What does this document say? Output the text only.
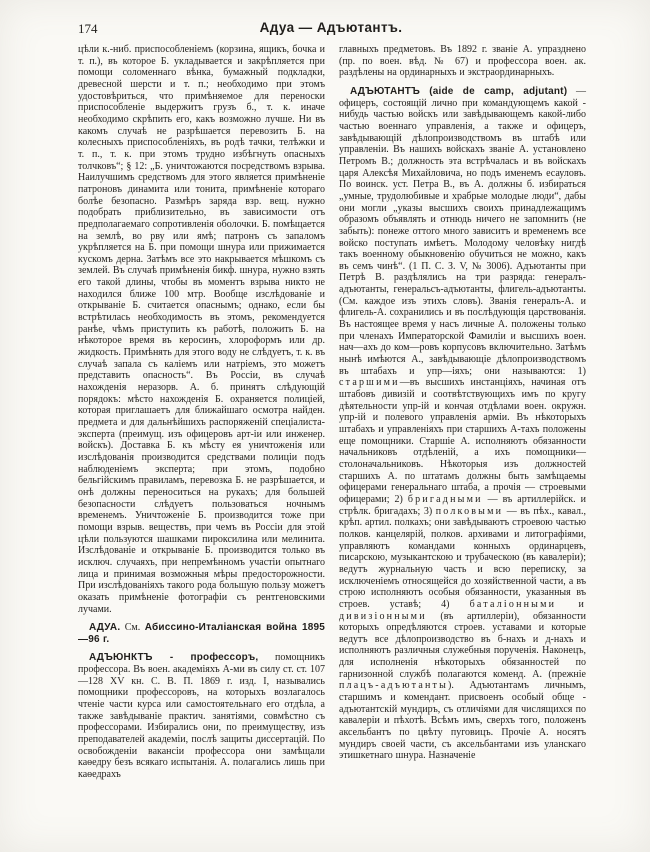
174	Адуа — Адъютантъ.

цѣли к.-ниб. приспособленіемъ (корзина, ящикъ, бочка и т. п.), въ которое Б. укладывается и закрѣпляется при помощи соломеннаго вѣнка, бумажный подкладки, древесной шерсти и т. п.; необходимо при этомъ удостовѣриться, что примѣняемое для переноски приспособленіе выдержитъ грузъ б., т. к. иначе необходимо скрѣпить его, какъ возможно лучше. Ни въ какомъ случаѣ не разрѣшается перевозить Б. на колесныхъ приспособленіяхъ, въ родѣ тачки, телѣжки и т. п., т. к. при этомъ трудно избѣгнуть опасныхъ толчковъ“; § 12: „Б. уничтожаются посредствомъ взрыва. Наилучшимъ средствомъ для этого является примѣненіе патроновъ динамита или тонита, примѣненіе котораго болѣе безопасно. Размѣръ заряда взр. вещ. нужно подобрать приблизительно, въ зависимости отъ предполагаемаго сопротивленія оболочки. Б. помѣщается на землѣ, во рву или ямѣ; патронъ съ запаломъ укрѣпляется на Б. при помощи шнура или прижимается кускомъ дерна. Затѣмъ все это накрывается мѣшкомъ съ землей. Въ случаѣ примѣненія бикф. шнура, нужно взять его такой длины, чтобы въ моментъ взрыва никто не находился ближе 100 мтр. Вообще изслѣдованіе и открываніе Б. считается опаснымъ; однако, если бы встрѣтилась необходимость въ этомъ, рекомендуется ранѣе, чѣмъ приступить къ работѣ, положить Б. на нѣкоторое время въ керосинъ, хлороформъ или др. жидкость. Примѣнять для этого воду не слѣдуетъ, т. к. въ случаѣ запала съ каліемъ или натріемъ, это можетъ представить опасность“. Въ Россіи, въ случаѣ нахожденія неразорв. А. б. принятъ слѣдующій порядокъ: мѣсто нахожденія Б. охраняется полиціей, которая приглашаетъ для ближайшаго осмотра найден. предмета и для дальнѣйшихъ распоряженій спеціалиста-эксперта (преимущ. изъ офицеровъ арт-іи или инженер. войскъ). Доставка Б. къ мѣсту ея уничтоженія или изслѣдованія производится средствами полиціи подъ наблюденіемъ эксперта; при этомъ, подобно бельгійскимъ правиламъ, перевозка Б. не разрѣшается, и онѣ должны переноситься на рукахъ; для большей безопасности слѣдуетъ пользоваться ночнымъ временемъ. Уничтоженіе Б. производится тоже при помощи взрыв. веществъ, при чемъ въ Россіи для этой цѣли пользуются шашками пироксилина или мелинита. Изслѣдованіе и открываніе Б. производится только въ исключ. случаяхъ, при непремѣнномъ участіи опытнаго лица и принимая возможныя мѣры предосторожности. При изслѣдованіяхъ такого рода большую пользу можетъ оказать примѣненіе фотографіи съ рентгеновскими лучами.

АДУА. См. Абиссино-Италіанская война 1895—96 г.

АДЪЮНКТЪ - профессоръ, помощникъ профессора. Въ воен. академіяхъ А-ми въ силу ст. ст. 107—128 XV кн. С. В. П. 1869 г. изд. I, назывались помощники профессоровъ, на которыхъ возлагалось чтеніе части курса или самостоятельнаго его отдѣла, а также завѣдываніе практич. занятіями, совмѣстно съ профессорами. Избирались они, по преимуществу, изъ преподавателей академіи, послѣ защиты диссертацій. По освобожденіи вакансіи профессора они замѣщали каѳедру безъ всякаго испытанія. А. полагались лишь при каѳедрахъ

главныхъ предметовъ. Въ 1892 г. званіе А. упразднено (пр. по воен. вѣд. № 67) и профессора воен. ак. раздѣлены на ординарныхъ и экстраординарныхъ.

АДЪЮТАНТЪ (aide de camp, adjutant) — офицеръ, состоящій лично при командующемъ какой - нибудь частью войскъ или завѣдывающемъ какой-либо частью военнаго управленія, а также и офицеръ, завѣдывающій дѣлопроизводствомъ въ штабѣ или управленіи. Въ нашихъ войскахъ званіе А. установлено Петромъ В.; должность эта встрѣчалась и въ войскахъ царя Алексѣя Михайловича, но подъ именемъ есауловъ. По воинск. уст. Петра В., въ А. должны б. избираться „умные, трудолюбивые и храбрые молодые люди“, дабы они могли „указы высшихъ своихъ принадлежащимъ образомъ объявлять и отнюдь ничего не запомнить (не забыть): понеже оттого много зависитъ и временемъ все войско поступать имѣетъ. Молодому человѣку нигдѣ такъ военному обыкновенію обучиться не можно, какъ въ семъ чинѣ“. (1 П. С. З. V, № 3006). Адъютанты при Петрѣ В. раздѣлялись на три разряда: генералъ-адъютанты, генеральсъ-адъютанты, флигель-адъютанты. (См. каждое изъ этихъ словъ). Званія генералъ-А. и флигель-А. сохранились и въ послѣдующія царствованія. Въ настоящее время у насъ личные А. положены только при членахъ Императорской Фамиліи и высшихъ воен. нач—ахъ до ком—ровъ корпусовъ включительно. Затѣмъ нынѣ имѣются А., завѣдывающіе дѣлопроизводствомъ въ штабахъ и упр—іяхъ; они называются: 1) старшими—въ высшихъ инстанціяхъ, начиная отъ штабовъ дивизій и соотвѣтствующихъ имъ по кругу дѣятельности упр-ій и кончая отдѣлами воен. окружн. упр-ій и полевого управленія арміи. Въ нѣкоторыхъ штабахъ и управленіяхъ при старшихъ А-тахъ положены еще помощники. Старшіе А. исполняютъ обязанности начальниковъ отдѣленій, а ихъ помощники—столоначальниковъ. Нѣкоторыя изъ должностей старшихъ А. по штатамъ должны быть замѣщаемы офицерами генеральнаго штаба, а прочія — строевыми офицерами; 2) бригадными — въ артиллерійск. и стрѣлк. бригадахъ; 3) полковыми — въ пѣх., кавал., крѣп. артил. полкахъ; они завѣдываютъ строевою частью полков. канцелярій, полков. архивами и литографіями, управляютъ командами конныхъ ординарцевъ, писарскою, музыкантскою и трубаческою (въ кавалеріи); ведутъ журнальную часть и всю переписку, за исключеніемъ относящейся до хозяйственной части, а въ строю исполняютъ особыя обязанности, указанныя въ строев. уставѣ; 4) баталіонными и дивизіонными (въ артиллеріи), обязанности которыхъ опредѣляются строев. уставами и которые ведутъ все дѣлопроизводство въ б-нахъ и д-нахъ и исполняютъ различныя служебныя порученія. Наконецъ, для исполненія нѣкоторыхъ обязанностей по гарнизонной службѣ полагаются коменд. А. (прежніе плацъ-адъютанты). Адъютантамъ личнымъ, старшимъ и комендант. присвоенъ особый обще - адъютантскій мундиръ, съ отличіями для числящихся по кавалеріи и пѣхотѣ. Всѣмъ имъ, сверхъ того, положенъ аксельбантъ по цвѣту пуговицъ. Прочіе А. носятъ мундиръ своей части, съ аксельбантами изъ уланскаго этишкетнаго шнура. Назначеніе
